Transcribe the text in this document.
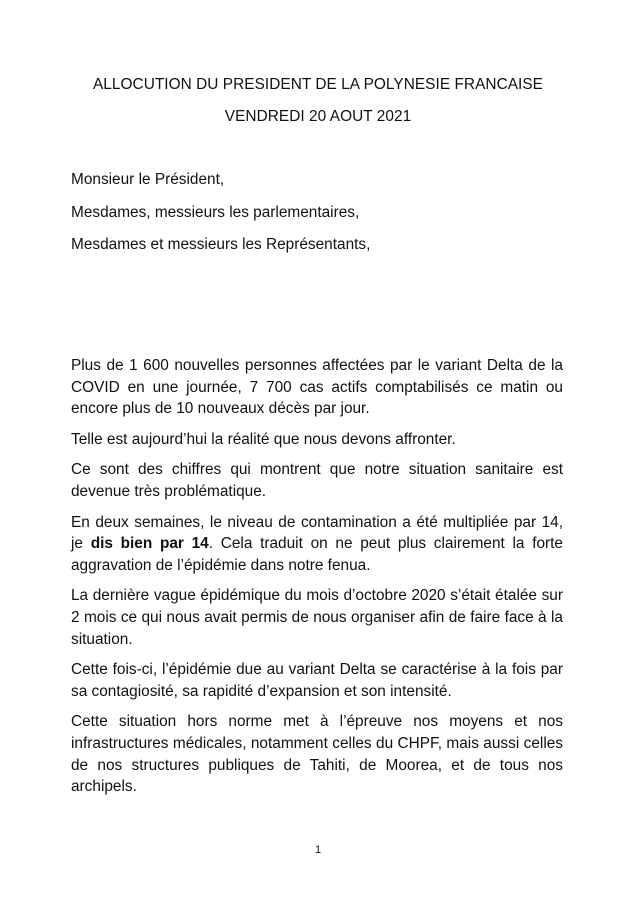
ALLOCUTION DU PRESIDENT DE LA POLYNESIE FRANCAISE
VENDREDI 20 AOUT 2021
Monsieur le Président,
Mesdames, messieurs les parlementaires,
Mesdames et messieurs les Représentants,

Plus de 1 600 nouvelles personnes affectées par le variant Delta de la COVID en une journée, 7 700 cas actifs comptabilisés ce matin ou encore plus de 10 nouveaux décès par jour.

Telle est aujourd’hui la réalité que nous devons affronter.

Ce sont des chiffres qui montrent que notre situation sanitaire est devenue très problématique.

En deux semaines, le niveau de contamination a été multipliée par 14, je dis bien par 14. Cela traduit on ne peut plus clairement la forte aggravation de l’épidémie dans notre fenua.

La dernière vague épidémique du mois d’octobre 2020 s’était étalée sur 2 mois ce qui nous avait permis de nous organiser afin de faire face à la situation.

Cette fois-ci, l’épidémie due au variant Delta se caractérise à la fois par sa contagiosité, sa rapidité d’expansion et son intensité.

Cette situation hors norme met à l’épreuve nos moyens et nos infrastructures médicales, notamment celles du CHPF, mais aussi celles de nos structures publiques de Tahiti, de Moorea, et de tous nos archipels.

1
